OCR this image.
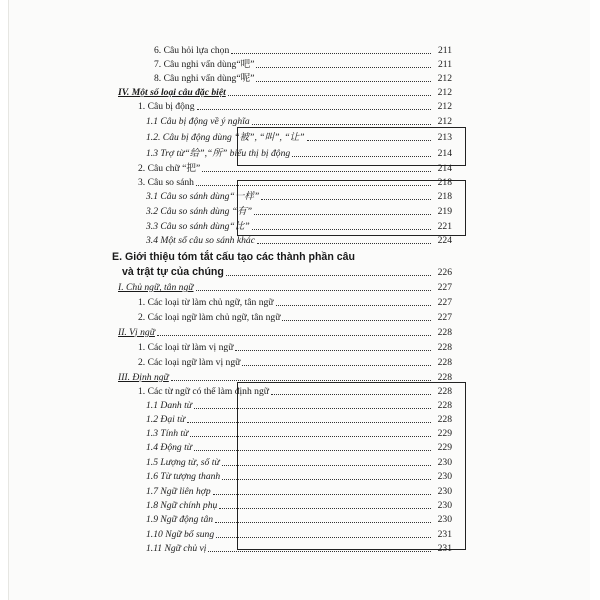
6. Câu hỏi lựa chọn	211
7. Câu nghi vấn dùng“吧”	211
8. Câu nghi vấn dùng“呢”	212
IV. Một số loại câu đặc biệt	212
1. Câu bị động	212
1.1 Câu bị động về ý nghĩa	212
1.2. Câu bị động dùng “被”, “叫”, “让”	213
1.3 Trợ từ“给”,“所” biểu thị bị động	214
2. Câu chữ “把”	214
3. Câu so sánh	218
3.1 Câu so sánh dùng“一样”	218
3.2 Câu so sánh dùng “有”	219
3.3 Câu so sánh dùng“比”	221
3.4 Một số câu so sánh khác	224
E. Giới thiệu tóm tắt cấu tạo các thành phần câu
và trật tự của chúng	226
I. Chủ ngữ, tân ngữ	227
1. Các loại từ làm chủ ngữ, tân ngữ	227
2. Các loại ngữ làm chủ ngữ, tân ngữ	227
II. Vị ngữ	228
1. Các loại từ làm vị ngữ	228
2. Các loại ngữ làm vị ngữ	228
III. Định ngữ	228
1. Các từ ngữ có thể làm định ngữ	228
1.1 Danh từ	228
1.2 Đại từ	228
1.3 Tính từ	229
1.4 Động từ	229
1.5 Lượng từ, số từ	230
1.6 Từ tượng thanh	230
1.7 Ngữ liên hợp	230
1.8 Ngữ chính phụ	230
1.9 Ngữ động tân	230
1.10 Ngữ bổ sung	231
1.11 Ngữ chủ vị	231
